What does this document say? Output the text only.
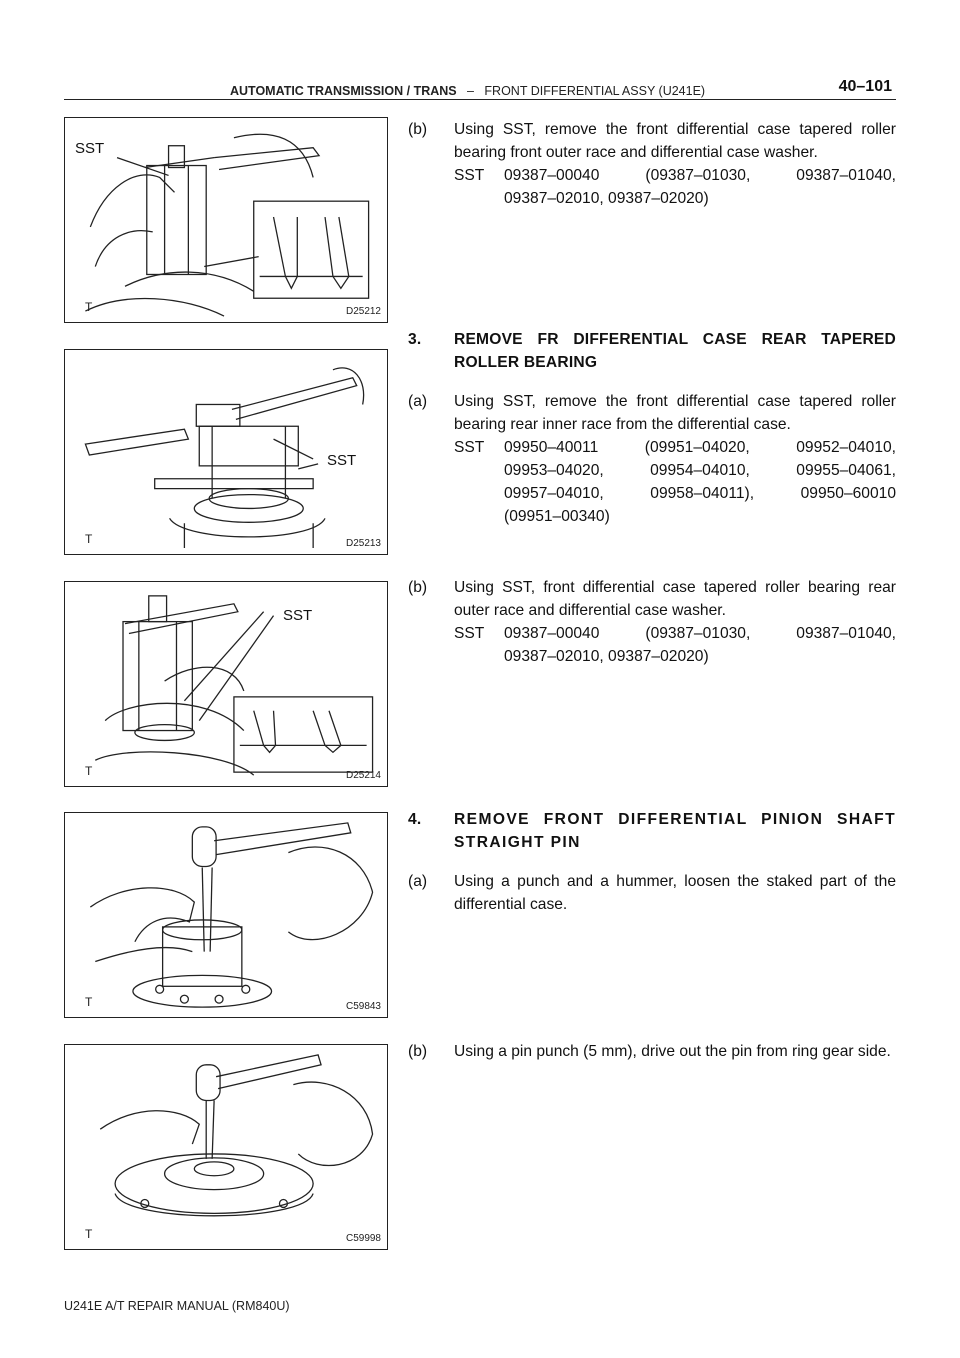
AUTOMATIC TRANSMISSION / TRANS – FRONT DIFFERENTIAL ASSY (U241E)	40–101
SST
T	D25212
SST
T	D25213
SST
T	D25214
T	C59843
T	C59998
(b) Using SST, remove the front differential case tapered roller bearing front outer race and differential case washer.
SST 09387–00040 (09387–01030, 09387–01040,
09387–02010, 09387–02020)
3. REMOVE FR DIFFERENTIAL CASE REAR TAPERED ROLLER BEARING
(a) Using SST, remove the front differential case tapered roller bearing rear inner race from the differential case.
SST 09950–40011 (09951–04020, 09952–04010,
09953–04020, 09954–04010, 09955–04061,
09957–04010, 09958–04011), 09950–60010
(09951–00340)
(b) Using SST, front differential case tapered roller bearing rear outer race and differential case washer.
SST 09387–00040 (09387–01030, 09387–01040,
09387–02010, 09387–02020)
4. REMOVE FRONT DIFFERENTIAL PINION SHAFT STRAIGHT PIN
(a) Using a punch and a hummer, loosen the staked part of the differential case.
(b) Using a pin punch (5 mm), drive out the pin from ring gear side.
U241E A/T REPAIR MANUAL (RM840U)
